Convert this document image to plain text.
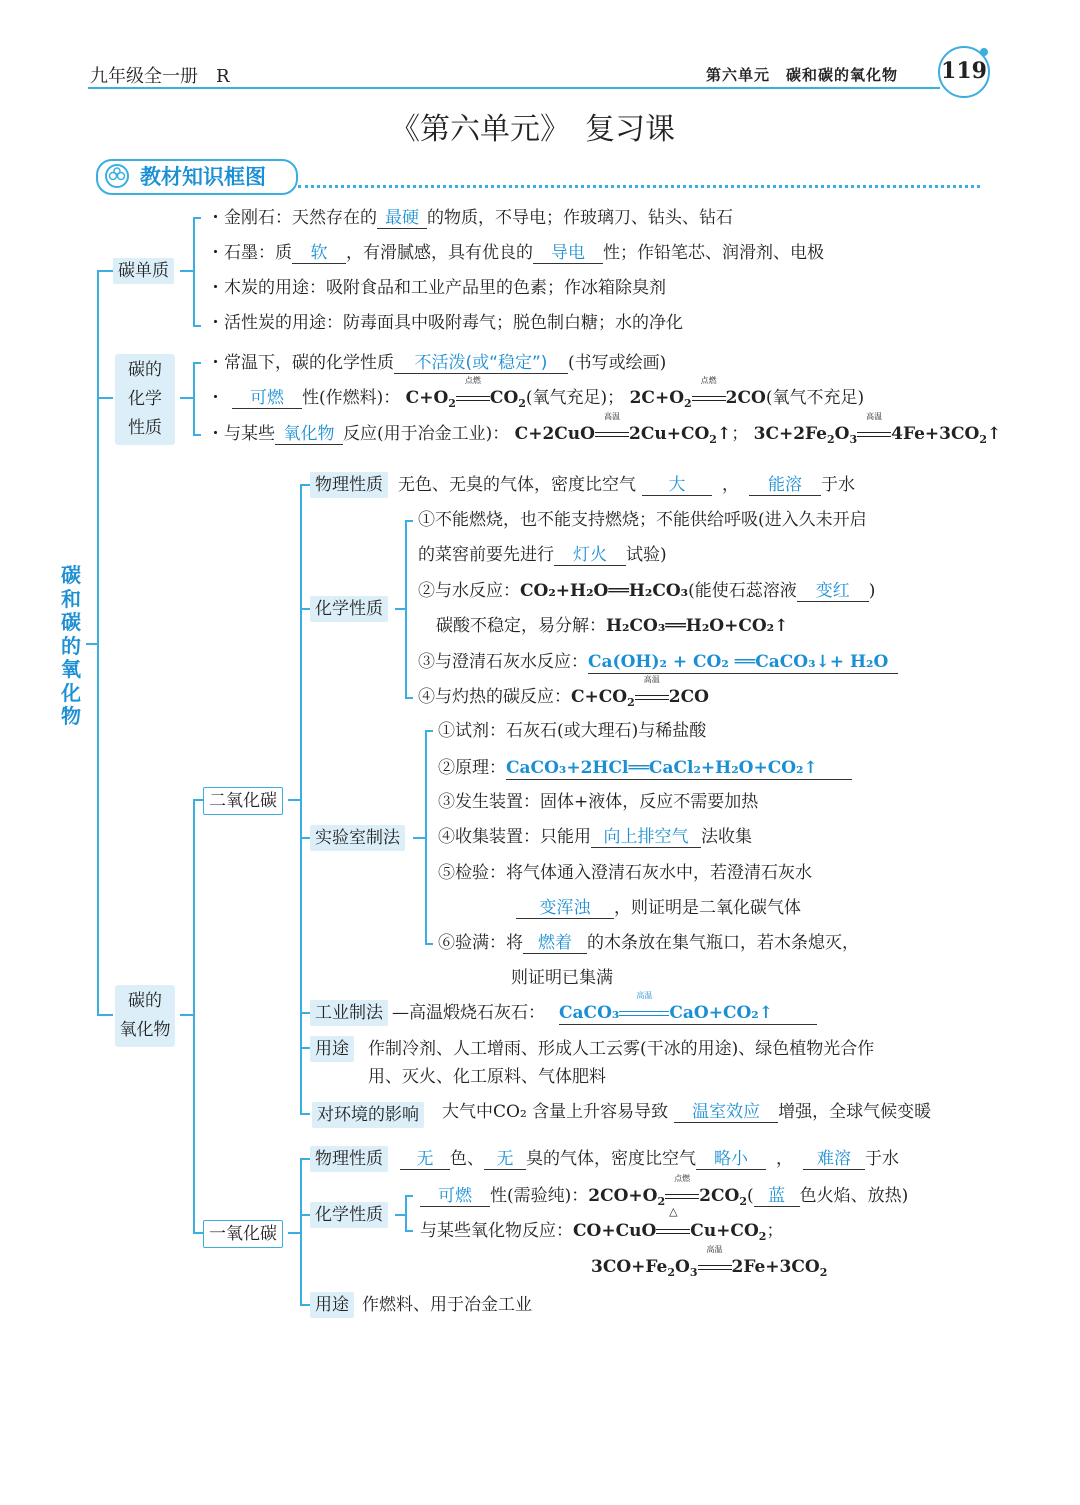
九年级全一册　 R	第六单元　碳和碳的氧化物 119
《第六单元》　复习课
教材知识框图
碳和碳的氧化物
碳单质
・金刚石：天然存在的 最硬 的物质，不导电；作玻璃刀、钻头、钻石
・石墨：质 软 ，有滑腻感，具有优良的 导电 性；作铅笔芯、润滑剂、电极
・木炭的用途：吸附食品和工业产品里的色素；作冰箱除臭剂
・活性炭的用途：防毒面具中吸附毒气；脱色制白糖；水的净化
碳的
化学
性质
・常温下，碳的化学性质 不活泼(或“稳定”) (书写或绘画)
・ 可燃 性(作燃料)： $C+O_2$
点燃
$CO_2$(氧气充足)； $2C+O_2$
点燃
2CO(氧气不充足)
・与某些 氧化物 反应(用于冶金工业)： C+2CuO
高温
$2Cu+CO_2↑$； $3C+2Fe_2O_3$
高温
$4Fe+3CO_2↑$
碳的
氧化物
二氧化碳
物理性质 无色、无臭的气体，密度比空气 大 ， 能溶 于水
化学性质
①不能燃烧，也不能支持燃烧；不能供给呼吸(进入久未开启
的菜窖前要先进行 灯火 试验)
②与水反应：CO₂+H₂O══H₂CO₃(能使石蕊溶液 变红 )
碳酸不稳定，易分解：H₂CO₃══H₂O+CO₂↑
③与澄清石灰水反应：Ca(OH)₂ + CO₂ ══CaCO₃↓+ H₂O
④与灼热的碳反应：$C+CO_2$
高温
2CO
实验室制法
①试剂：石灰石(或大理石)与稀盐酸
②原理：CaCO₃+2HCl══CaCl₂+H₂O+CO₂↑
③发生装置：固体+液体，反应不需要加热
④收集装置：只能用 向上排空气 法收集
⑤检验：将气体通入澄清石灰水中，若澄清石灰水
变浑浊 ，则证明是二氧化碳气体
⑥验满：将 燃着 的木条放在集气瓶口，若木条熄灭，
则证明已集满
工业制法 —高温煅烧石灰石： CaCO₃
高温
CaO+CO₂↑
用途 作制冷剂、人工增雨、形成人工云雾(干冰的用途)、绿色植物光合作
用、灭火、化工原料、气体肥料
对环境的影响 大气中CO₂ 含量上升容易导致 温室效应 增强，全球气候变暖
一氧化碳
物理性质	无 色、 无 臭的气体，密度比空气 略小 ， 难溶 于水
化学性质
可燃 性(需验纯)：$2CO+O_2$
点燃
$2CO_2$( 蓝 色火焰、放热)
与某些氧化物反应：CO+CuO
△
$Cu+CO_2$；
$3CO+Fe_2O_3$
高温
$2Fe+3CO_2$
用途 作燃料、用于冶金工业
